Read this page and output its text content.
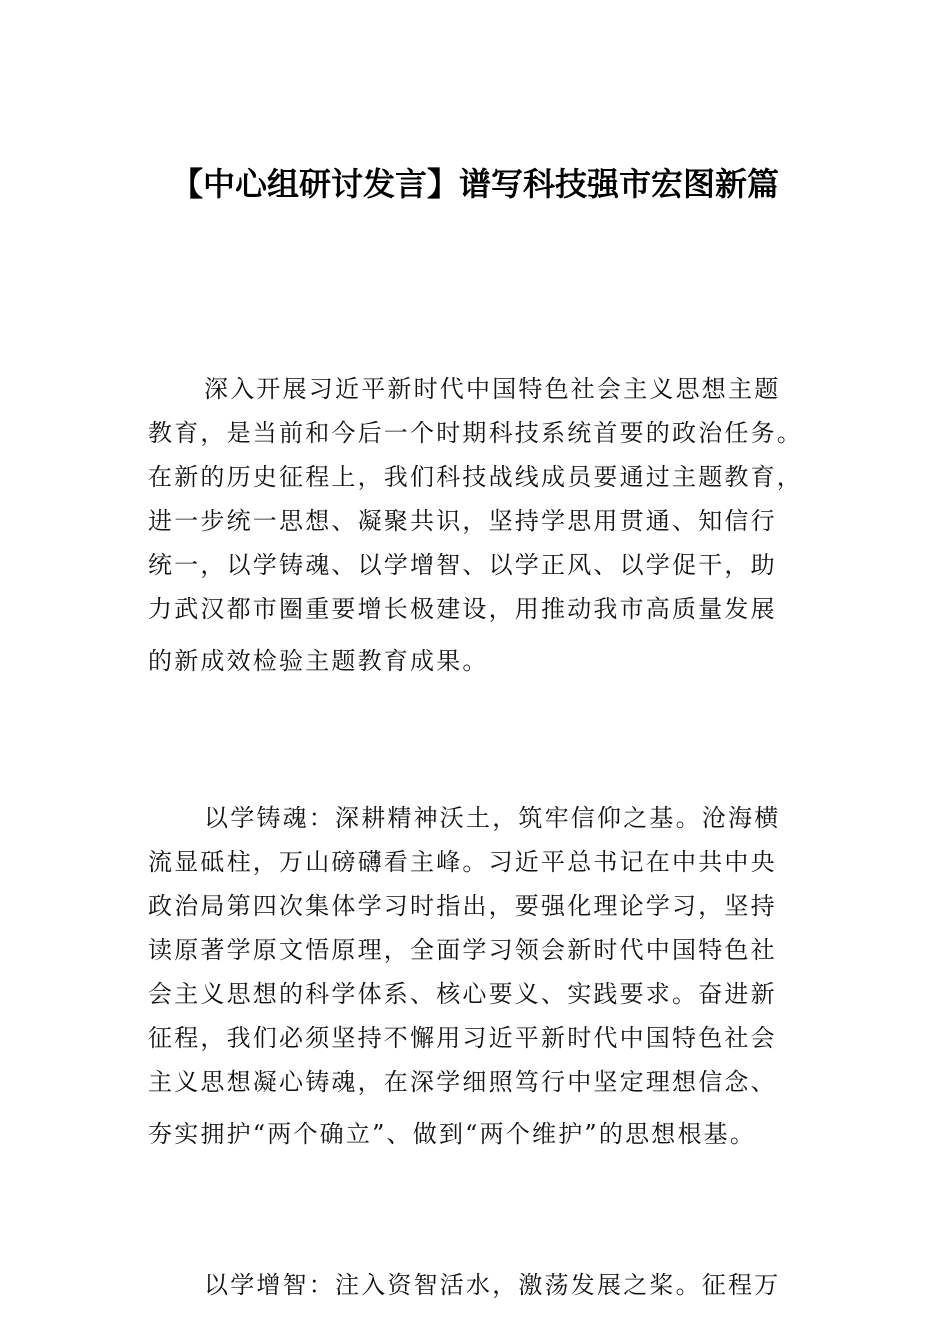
【中心组研讨发言】谱写科技强市宏图新篇
深入开展习近平新时代中国特色社会主义思想主题
教育，是当前和今后一个时期科技系统首要的政治任务。
在新的历史征程上，我们科技战线成员要通过主题教育，
进一步统一思想、凝聚共识，坚持学思用贯通、知信行
统一，以学铸魂、以学增智、以学正风、以学促干，助
力武汉都市圈重要增长极建设，用推动我市高质量发展
的新成效检验主题教育成果。
以学铸魂：深耕精神沃土，筑牢信仰之基。沧海横
流显砥柱，万山磅礴看主峰。习近平总书记在中共中央
政治局第四次集体学习时指出，要强化理论学习，坚持
读原著学原文悟原理，全面学习领会新时代中国特色社
会主义思想的科学体系、核心要义、实践要求。奋进新
征程，我们必须坚持不懈用习近平新时代中国特色社会
主义思想凝心铸魂，在深学细照笃行中坚定理想信念、
夯实拥护“两个确立”、做到“两个维护”的思想根基。
以学增智：注入资智活水，激荡发展之桨。征程万
